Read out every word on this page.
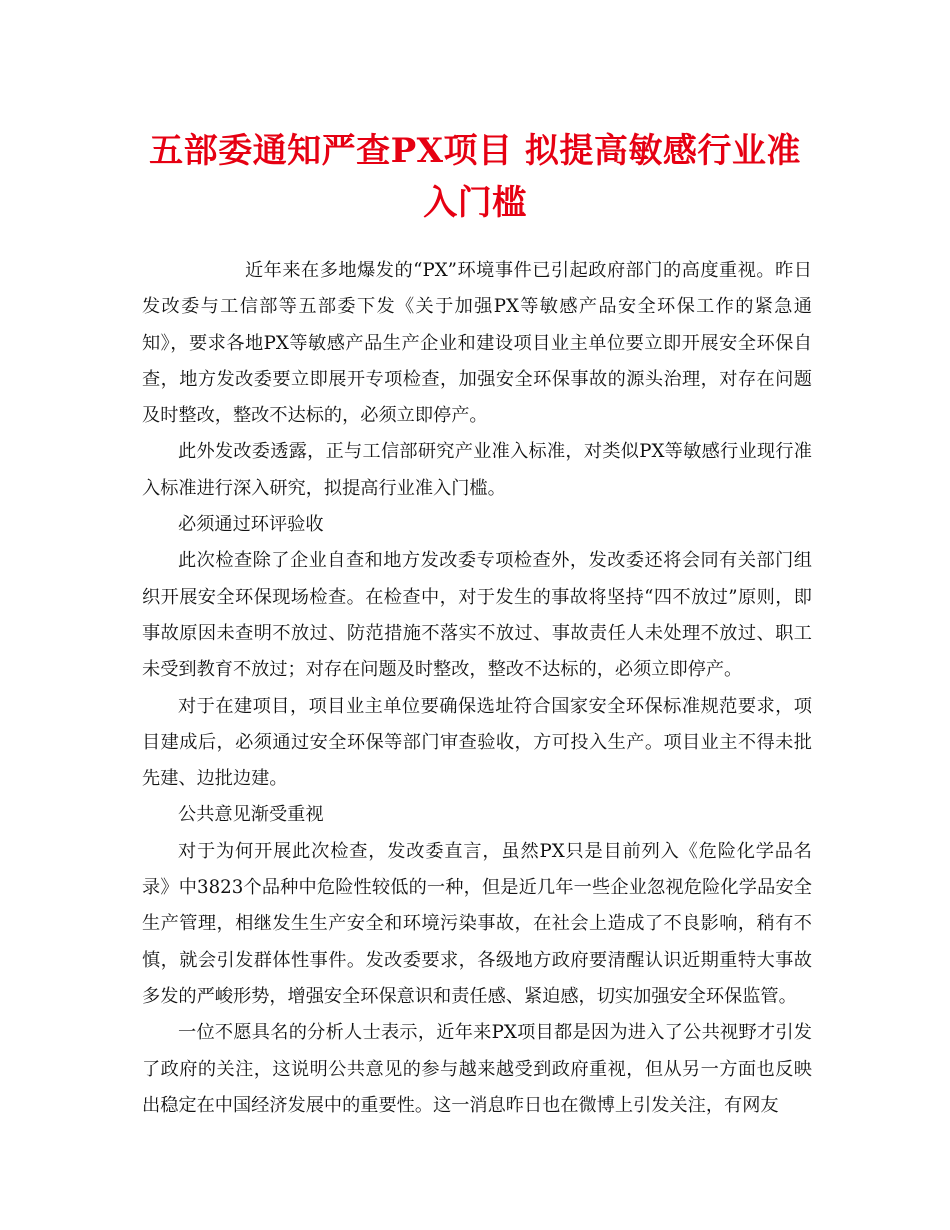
五部委通知严查PX项目 拟提高敏感行业准
入门槛

近年来在多地爆发的“PX”环境事件已引起政府部门的高度重视。昨日发改委与工信部等五部委下发《关于加强PX等敏感产品安全环保工作的紧急通知》，要求各地PX等敏感产品生产企业和建设项目业主单位要立即开展安全环保自查，地方发改委要立即展开专项检查，加强安全环保事故的源头治理，对存在问题及时整改，整改不达标的，必须立即停产。

此外发改委透露，正与工信部研究产业准入标准，对类似PX等敏感行业现行准入标准进行深入研究，拟提高行业准入门槛。

必须通过环评验收

此次检查除了企业自查和地方发改委专项检查外，发改委还将会同有关部门组织开展安全环保现场检查。在检查中，对于发生的事故将坚持“四不放过”原则，即事故原因未查明不放过、防范措施不落实不放过、事故责任人未处理不放过、职工未受到教育不放过；对存在问题及时整改，整改不达标的，必须立即停产。

对于在建项目，项目业主单位要确保选址符合国家安全环保标准规范要求，项目建成后，必须通过安全环保等部门审查验收，方可投入生产。项目业主不得未批先建、边批边建。

公共意见渐受重视

对于为何开展此次检查，发改委直言，虽然PX只是目前列入《危险化学品名录》中3823个品种中危险性较低的一种，但是近几年一些企业忽视危险化学品安全生产管理，相继发生生产安全和环境污染事故，在社会上造成了不良影响，稍有不慎，就会引发群体性事件。发改委要求，各级地方政府要清醒认识近期重特大事故多发的严峻形势，增强安全环保意识和责任感、紧迫感，切实加强安全环保监管。

一位不愿具名的分析人士表示，近年来PX项目都是因为进入了公共视野才引发了政府的关注，这说明公共意见的参与越来越受到政府重视，但从另一方面也反映出稳定在中国经济发展中的重要性。这一消息昨日也在微博上引发关注，有网友
